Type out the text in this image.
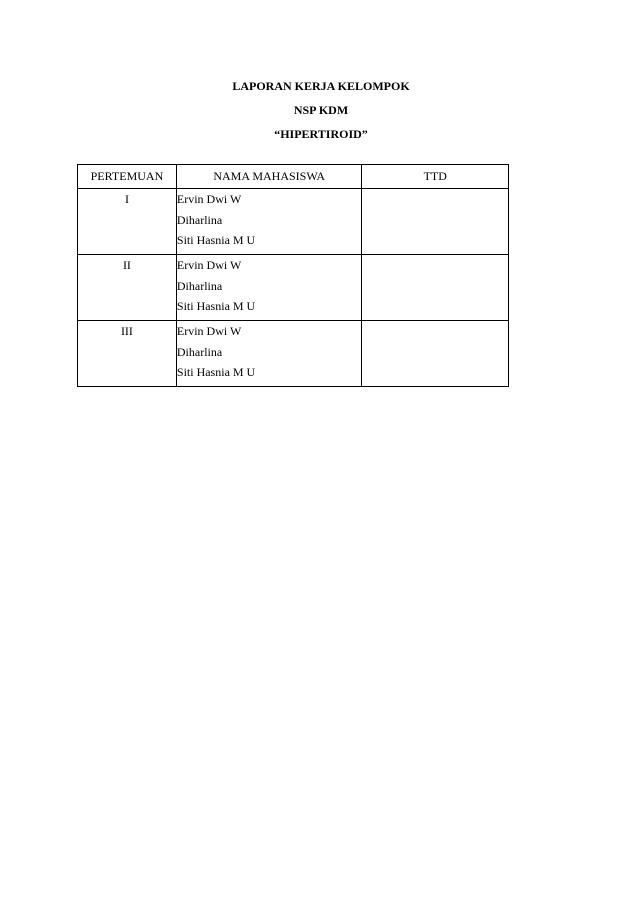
LAPORAN KERJA KELOMPOK
NSP KDM
“HIPERTIROID”
PERTEMUAN	NAMA MAHASISWA	TTD
I	Ervin Dwi W
Diharlina
Siti Hasnia M U	

II	Ervin Dwi W
Diharlina
Siti Hasnia M U	

III	Ervin Dwi W
Diharlina
Siti Hasnia M U	
